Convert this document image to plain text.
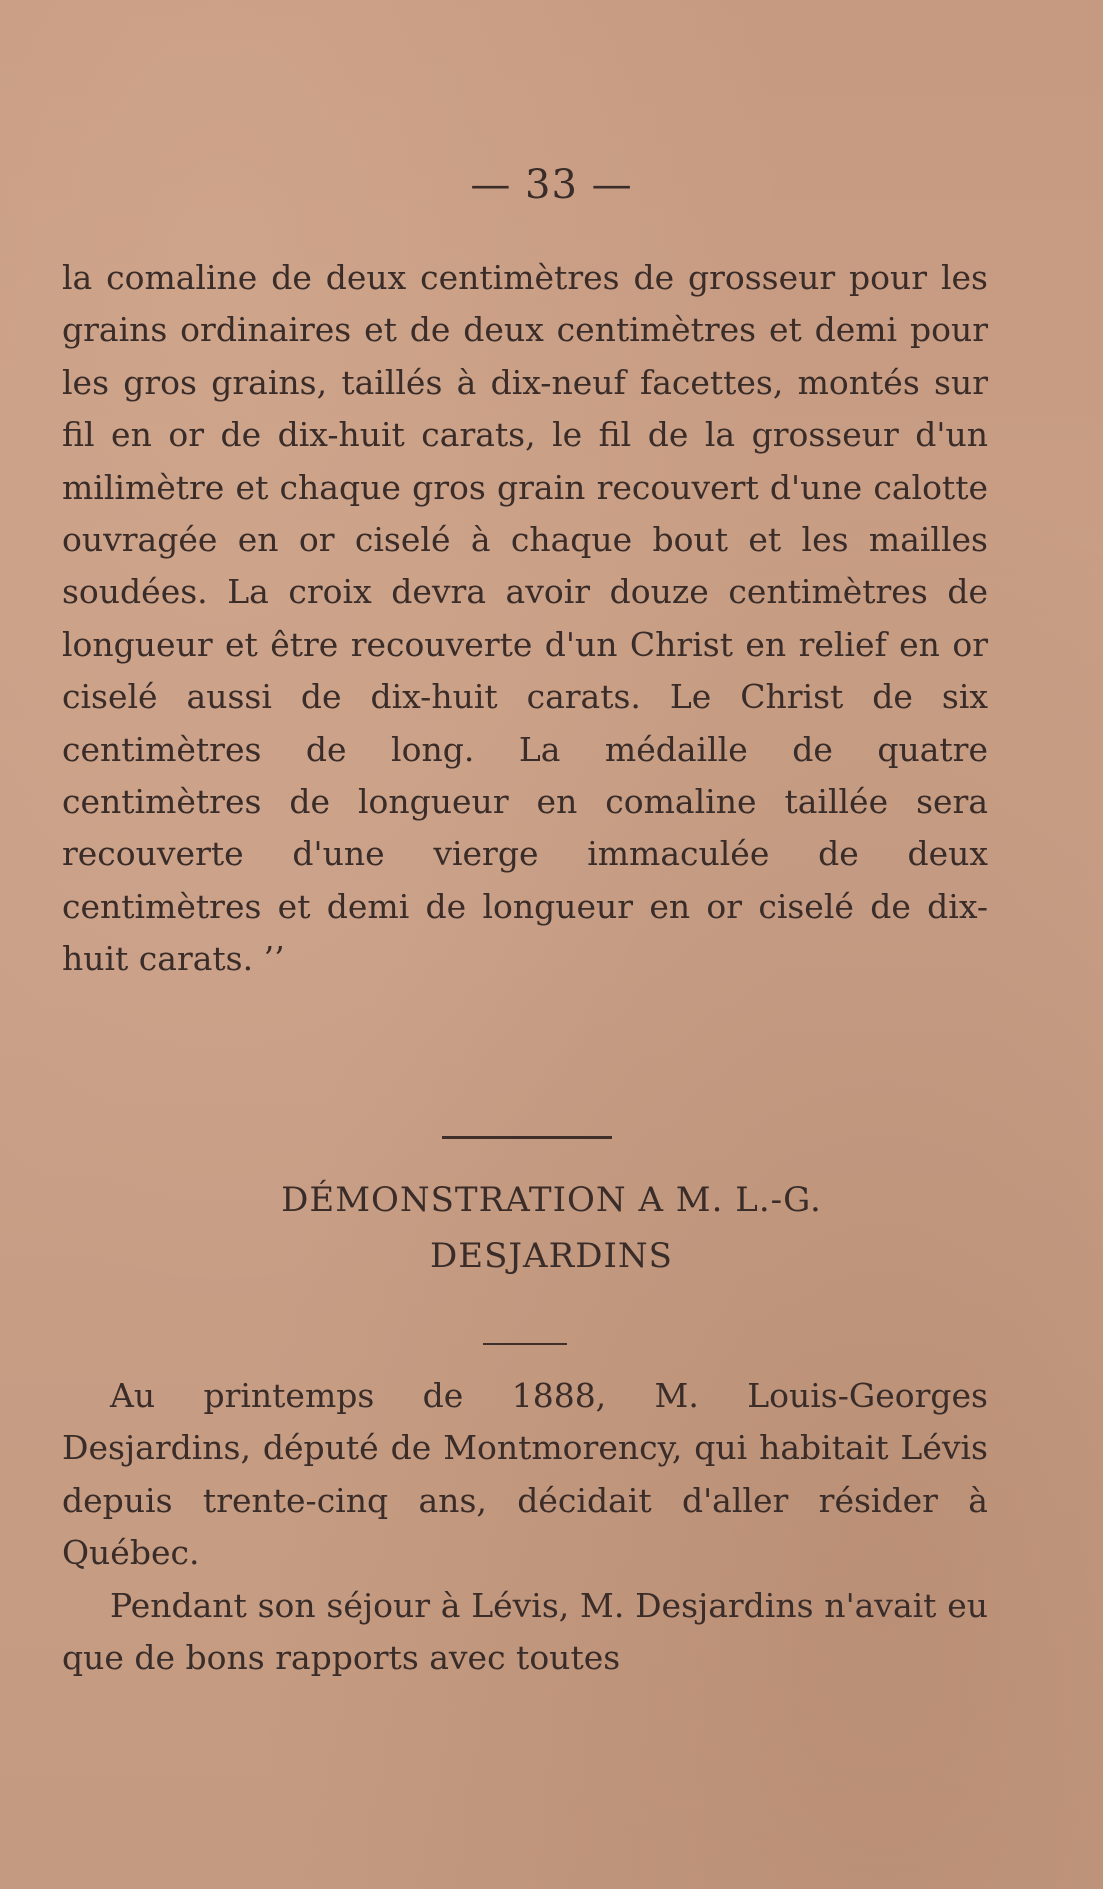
— 33 —

la comaline de deux centimètres de grosseur pour les grains ordinaires et de deux centimètres et demi pour les gros grains, taillés à dix-neuf facettes, montés sur fil en or de dix-huit carats, le fil de la grosseur d'un milimètre et chaque gros grain recouvert d'une calotte ouvragée en or ciselé à chaque bout et les mailles soudées. La croix devra avoir douze centimètres de longueur et être recouverte d'un Christ en relief en or ciselé aussi de dix-huit carats. Le Christ de six centimètres de long. La médaille de quatre centimètres de longueur en comaline taillée sera recouverte d'une vierge immaculée de deux centimètres et demi de longueur en or ciselé de dix-huit carats. ’’

DÉMONSTRATION A M. L.-G.
DESJARDINS

Au printemps de 1888, M. Louis-Georges Desjardins, député de Montmorency, qui habitait Lévis depuis trente-cinq ans, décidait d'aller résider à Québec.

Pendant son séjour à Lévis, M. Desjardins n'avait eu que de bons rapports avec toutes
